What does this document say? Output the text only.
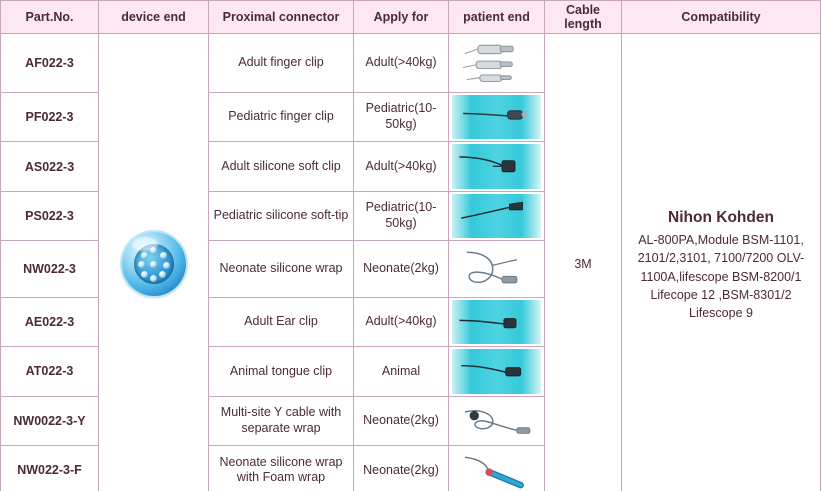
Part.No.	device end	Proximal connector	Apply for	patient end	Cable length	Compatibility
AF022-3		Adult finger clip	Adult(>40kg)		3M	Nihon Kohden
AL-800PA,Module BSM-1101, 2101/2,3101, 7100/7200 OLV-1100A,lifescope BSM-8200/1 Lifecope 12 ,BSM-8301/2 Lifescope 9
PF022-3		Pediatric finger clip	Pediatric(10-50kg)	

AS022-3		Adult silicone soft clip	Adult(>40kg)	

PS022-3		Pediatric silicone soft-tip	Pediatric(10-50kg)	

NW022-3		Neonate silicone wrap	Neonate(2kg)	

AE022-3		Adult Ear clip	Adult(>40kg)	

AT022-3		Animal tongue clip	Animal	

NW0022-3-Y		Multi-site Y cable with separate wrap	Neonate(2kg)	

NW022-3-F		Neonate silicone wrap with Foam wrap	Neonate(2kg)	
